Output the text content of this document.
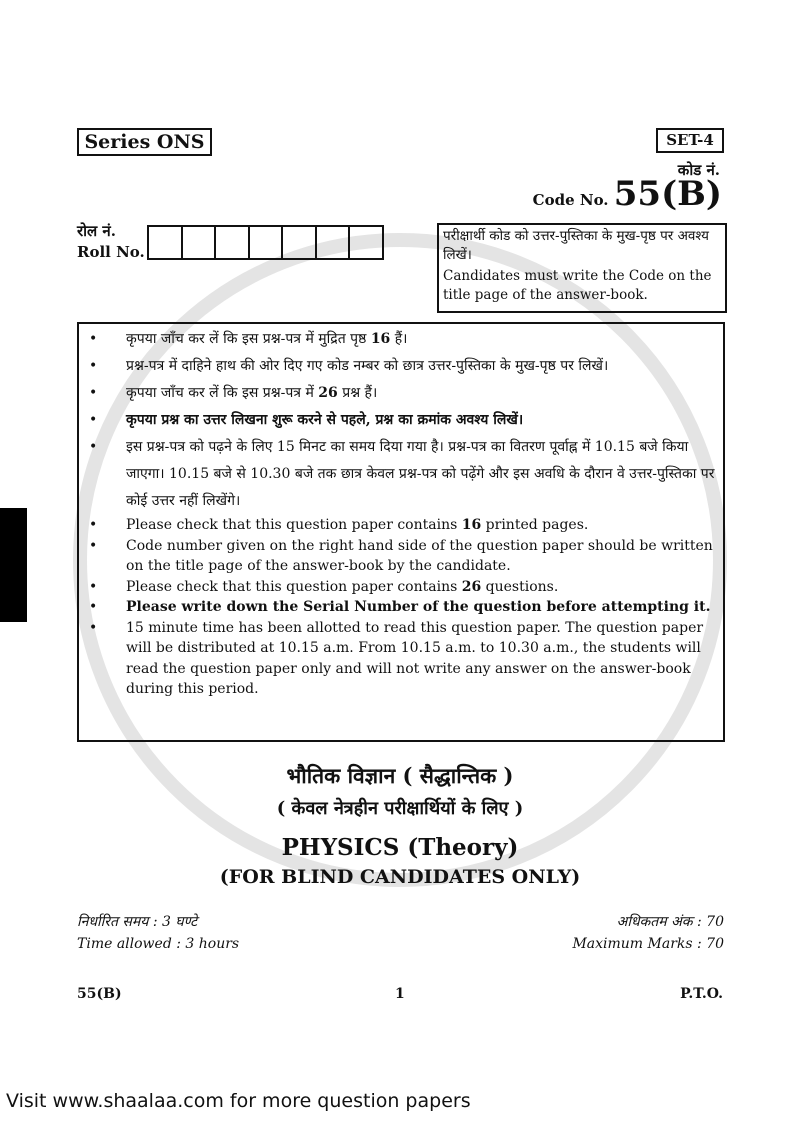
Series ONS	SET-4
कोड नं.
Code No. 55(B)
रोल नं.
Roll No.

परीक्षार्थी कोड को उत्तर-पुस्तिका के मुख-पृष्ठ पर अवश्य लिखें।

Candidates must write the Code on the title page of the answer-book.

• कृपया जाँच कर लें कि इस प्रश्न-पत्र में मुद्रित पृष्ठ 16 हैं।
• प्रश्न-पत्र में दाहिने हाथ की ओर दिए गए कोड नम्बर को छात्र उत्तर-पुस्तिका के मुख-पृष्ठ पर लिखें।
• कृपया जाँच कर लें कि इस प्रश्न-पत्र में 26 प्रश्न हैं।
• कृपया प्रश्न का उत्तर लिखना शुरू करने से पहले, प्रश्न का क्रमांक अवश्य लिखें।
• इस प्रश्न-पत्र को पढ़ने के लिए 15 मिनट का समय दिया गया है। प्रश्न-पत्र का वितरण पूर्वाह्न में 10.15 बजे किया जाएगा। 10.15 बजे से 10.30 बजे तक छात्र केवल प्रश्न-पत्र को पढ़ेंगे और इस अवधि के दौरान वे उत्तर-पुस्तिका पर कोई उत्तर नहीं लिखेंगे।
• Please check that this question paper contains 16 printed pages.
• Code number given on the right hand side of the question paper should be written on the title page of the answer-book by the candidate.
• Please check that this question paper contains 26 questions.
• Please write down the Serial Number of the question before attempting it.
• 15 minute time has been allotted to read this question paper. The question paper will be distributed at 10.15 a.m. From 10.15 a.m. to 10.30 a.m., the students will read the question paper only and will not write any answer on the answer-book during this period.
भौतिक विज्ञान ( सैद्धान्तिक )
( केवल नेत्रहीन परीक्षार्थियों के लिए )
PHYSICS (Theory)
(FOR BLIND CANDIDATES ONLY)
निर्धारित समय : 3 घण्टे
Time allowed : 3 hours
अधिकतम अंक : 70
Maximum Marks : 70
55(B)	1	P.T.O.
Visit www.shaalaa.com for more question papers
